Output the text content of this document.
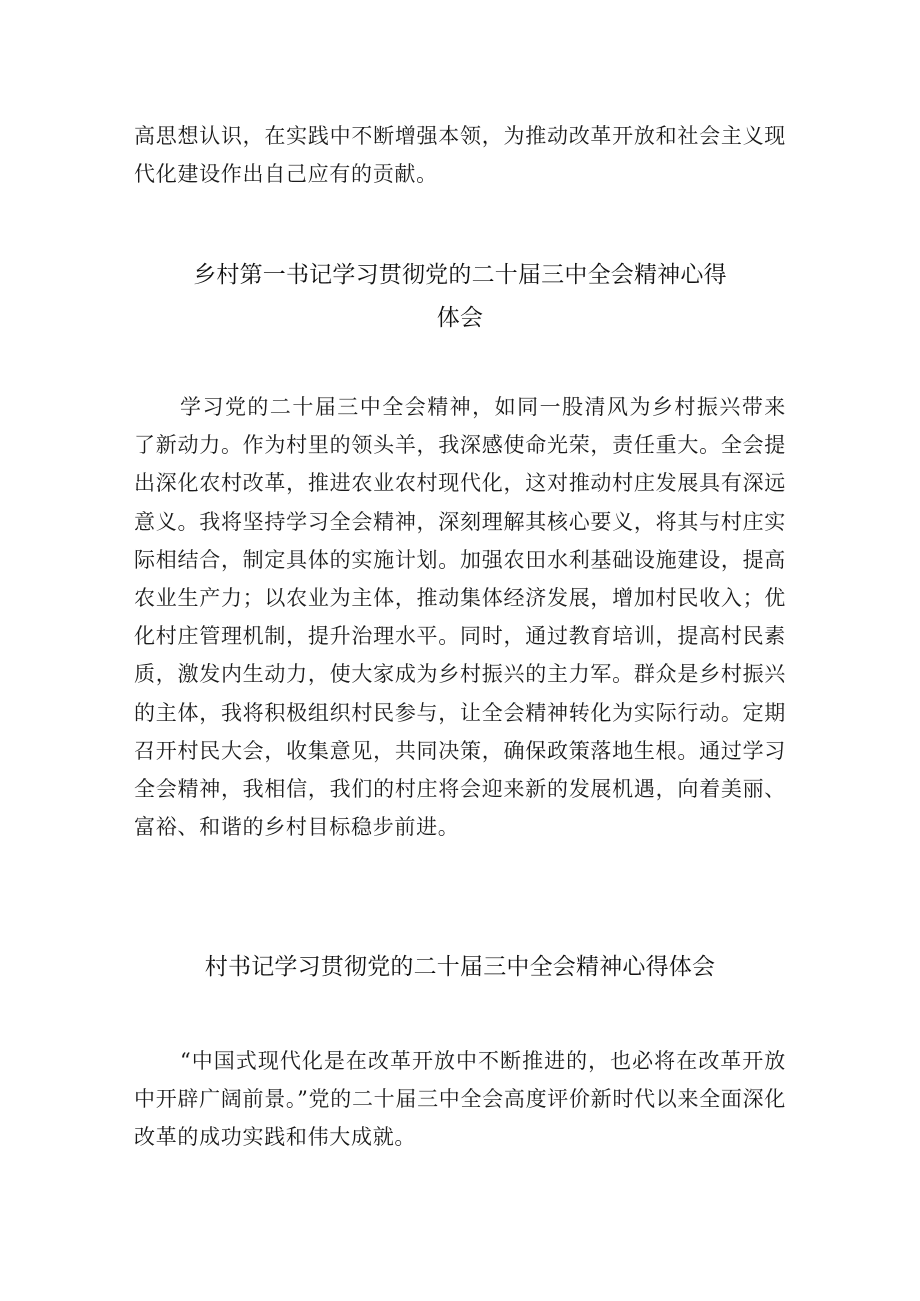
高思想认识，在实践中不断增强本领，为推动改革开放和社会主义现代化建设作出自己应有的贡献。

乡村第一书记学习贯彻党的二十届三中全会精神心得
体会

学习党的二十届三中全会精神，如同一股清风为乡村振兴带来了新动力。作为村里的领头羊，我深感使命光荣，责任重大。全会提出深化农村改革，推进农业农村现代化，这对推动村庄发展具有深远意义。我将坚持学习全会精神，深刻理解其核心要义，将其与村庄实际相结合，制定具体的实施计划。加强农田水利基础设施建设，提高农业生产力；以农业为主体，推动集体经济发展，增加村民收入；优化村庄管理机制，提升治理水平。同时，通过教育培训，提高村民素质，激发内生动力，使大家成为乡村振兴的主力军。群众是乡村振兴的主体，我将积极组织村民参与，让全会精神转化为实际行动。定期召开村民大会，收集意见，共同决策，确保政策落地生根。通过学习全会精神，我相信，我们的村庄将会迎来新的发展机遇，向着美丽、富裕、和谐的乡村目标稳步前进。

村书记学习贯彻党的二十届三中全会精神心得体会

“中国式现代化是在改革开放中不断推进的，也必将在改革开放中开辟广阔前景。”党的二十届三中全会高度评价新时代以来全面深化改革的成功实践和伟大成就。
